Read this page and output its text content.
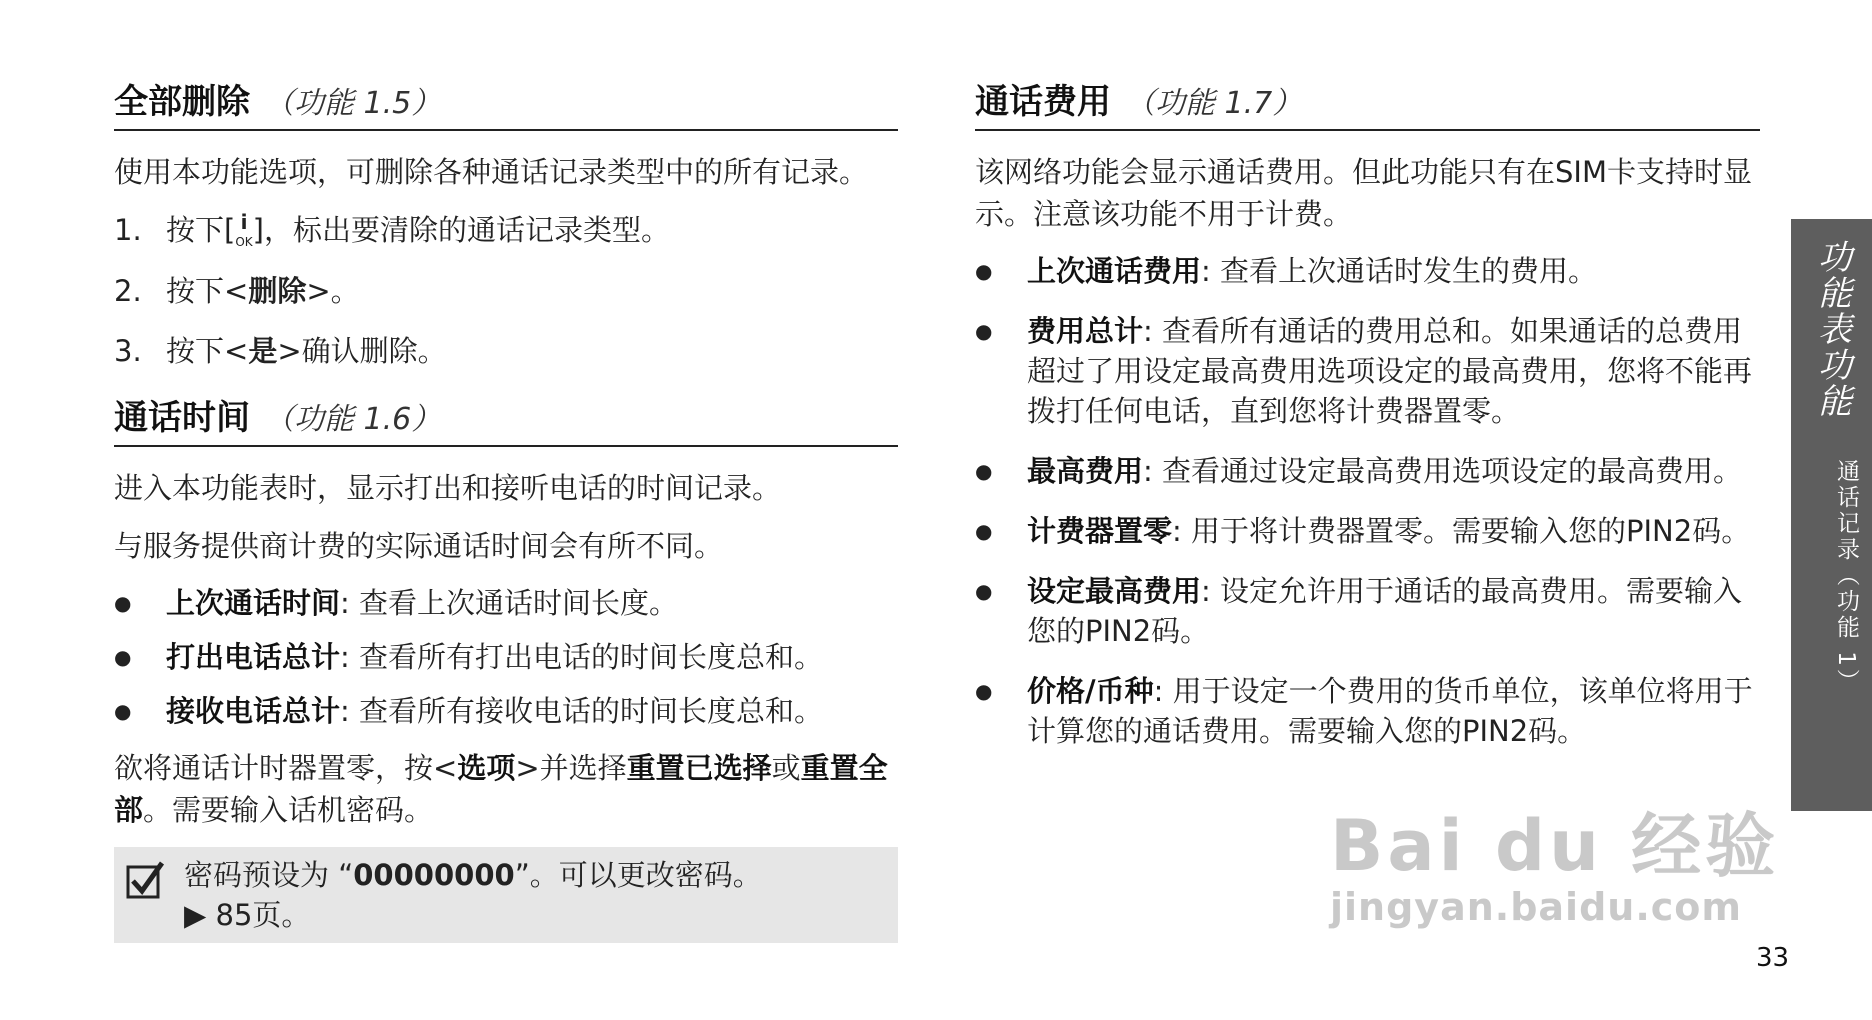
全部删除 （功能 1.5）

使用本功能选项，可删除各种通话记录类型中的所有记录。

1. 按下[ i
OK ]，标出要清除的通话记录类型。
2. 按下<删除>。
3. 按下<是>确认删除。
通话时间 （功能 1.6）

进入本功能表时，显示打出和接听电话的时间记录。

与服务提供商计费的实际通话时间会有所不同。

●	上次通话时间: 查看上次通话时间长度。
●	打出电话总计: 查看所有打出电话的时间长度总和。
●	接收电话总计: 查看所有接收电话的时间长度总和。

欲将通话计时器置零，按<选项>并选择重置已选择或重置全部。需要输入话机密码。

密码预设为 “00000000”。可以更改密码。
▶ 85页。
通话费用 （功能 1.7）

该网络功能会显示通话费用。但此功能只有在SIM卡支持时显示。注意该功能不用于计费。

●	上次通话费用: 查看上次通话时发生的费用。
●	费用总计: 查看所有通话的费用总和。如果通话的总费用超过了用设定最高费用选项设定的最高费用，您将不能再拨打任何电话，直到您将计费器置零。
●	最高费用: 查看通过设定最高费用选项设定的最高费用。
●	计费器置零: 用于将计费器置零。需要输入您的PIN2码。
●	设定最高费用: 设定允许用于通话的最高费用。需要输入您的PIN2码。
●	价格/币种: 用于设定一个费用的货币单位，该单位将用于计算您的通话费用。需要输入您的PIN2码。
功能表功能
通话记录（功能 1）
Bai du 经验
jingyan.baidu.com
33
